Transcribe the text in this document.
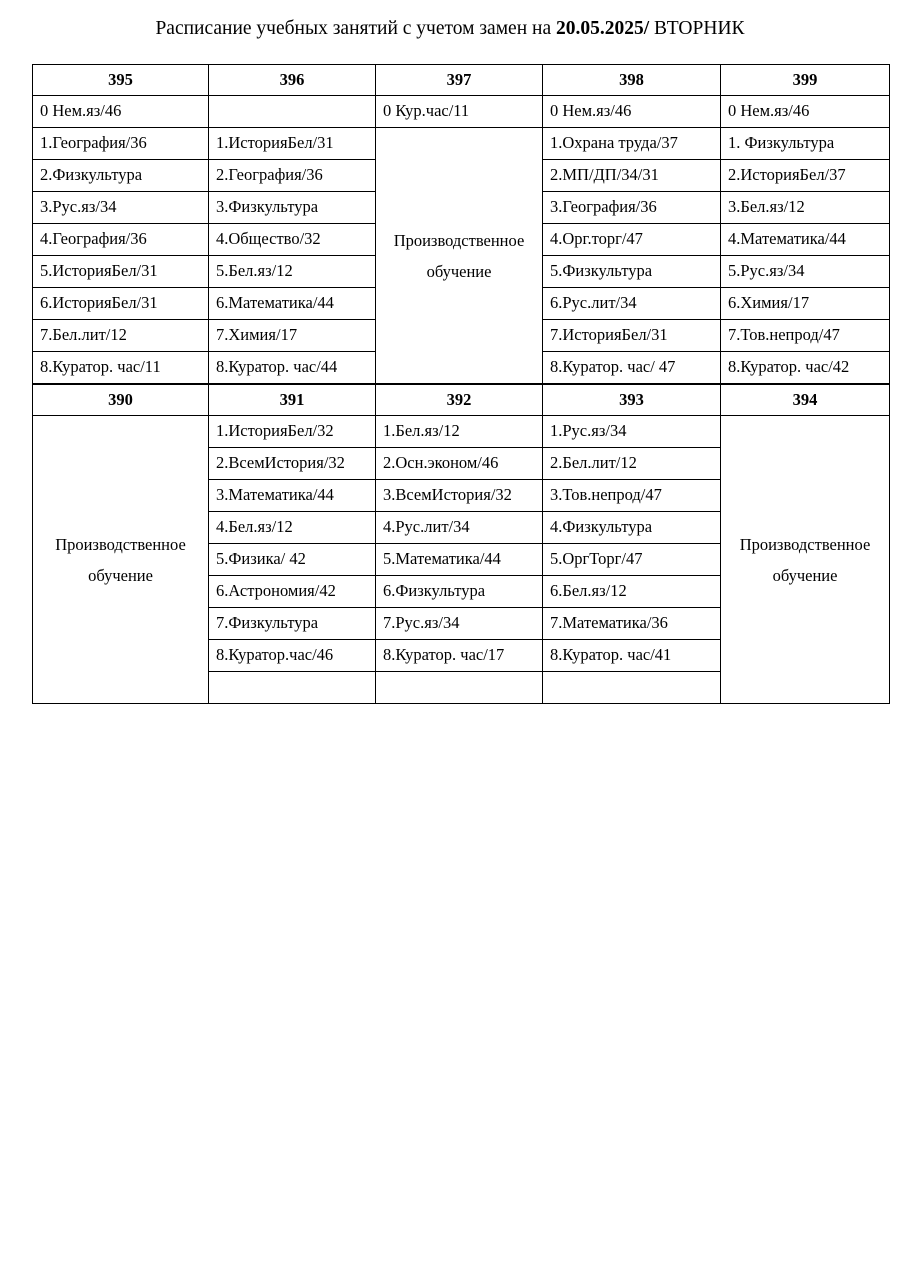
Расписание учебных занятий с учетом замен на 20.05.2025/ ВТОРНИК
395	396	397	398	399
0 Нем.яз/46		0 Кур.час/11	0 Нем.яз/46	0 Нем.яз/46
1.География/36	1.ИсторияБел/31	Производственное обучение	1.Охрана труда/37	1. Физкультура
2.Физкультура	2.География/36		2.МП/ДП/34/31	2.ИсторияБел/37
3.Рус.яз/34	3.Физкультура		3.География/36	3.Бел.яз/12
4.География/36	4.Общество/32		4.Орг.торг/47	4.Математика/44
5.ИсторияБел/31	5.Бел.яз/12		5.Физкультура	5.Рус.яз/34
6.ИсторияБел/31	6.Математика/44		6.Рус.лит/34	6.Химия/17
7.Бел.лит/12	7.Химия/17		7.ИсторияБел/31	7.Тов.непрод/47
8.Куратор. час/11	8.Куратор. час/44		8.Куратор. час/ 47	8.Куратор. час/42
390	391	392	393	394
Производственное обучение	1.ИсторияБел/32	1.Бел.яз/12	1.Рус.яз/34	Производственное обучение
	2.ВсемИстория/32	2.Осн.эконом/46	2.Бел.лит/12	
	3.Математика/44	3.ВсемИстория/32	3.Тов.непрод/47	
	4.Бел.яз/12	4.Рус.лит/34	4.Физкультура	
	5.Физика/ 42	5.Математика/44	5.ОргТорг/47	
	6.Астрономия/42	6.Физкультура	6.Бел.яз/12	
	7.Физкультура	7.Рус.яз/34	7.Математика/36	
	8.Куратор.час/46	8.Куратор. час/17	8.Куратор. час/41	
